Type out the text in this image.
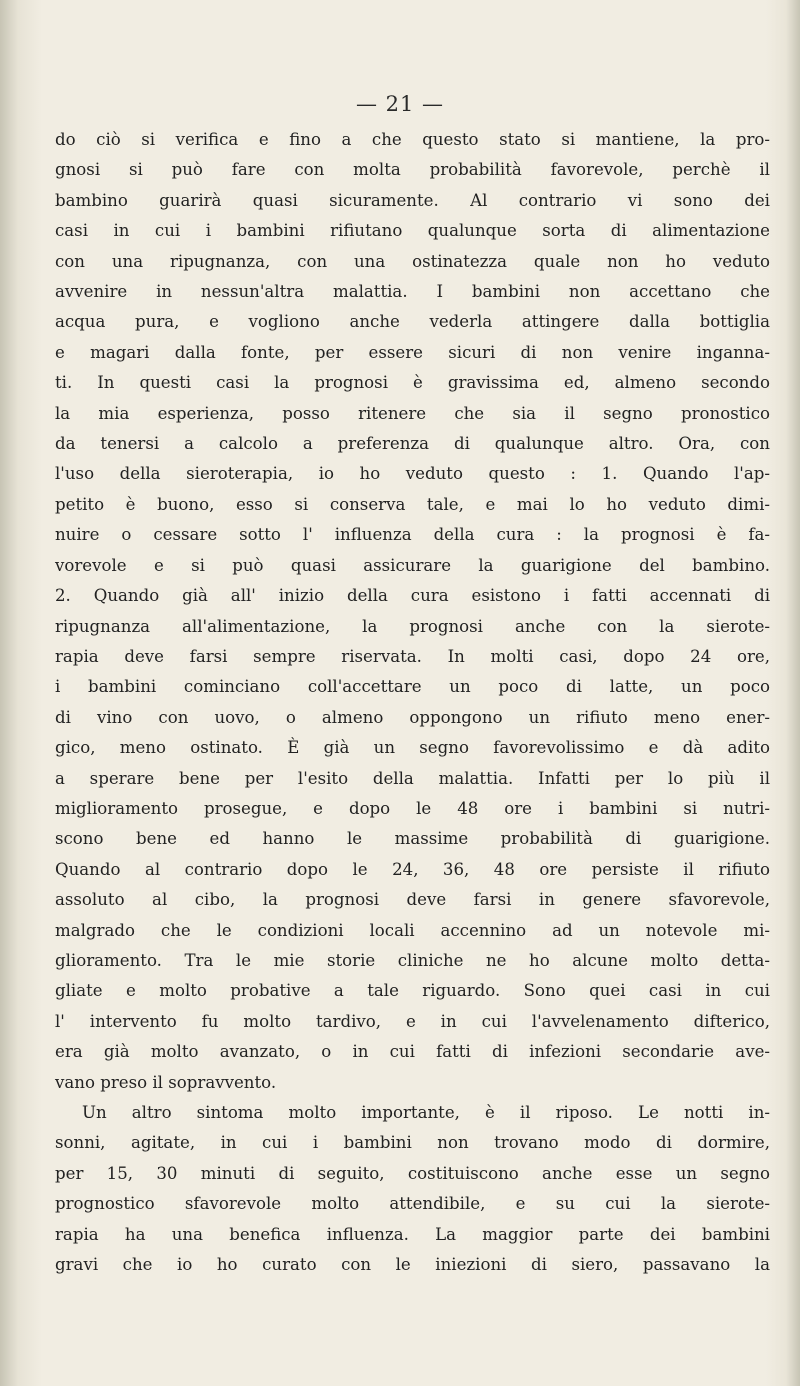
— 21 —
do ciò si verifica e fino a che questo stato si mantiene, la pro-
gnosi si può fare con molta probabilità favorevole, perchè il
bambino guarirà quasi sicuramente. Al contrario vi sono dei
casi in cui i bambini rifiutano qualunque sorta di alimentazione
con una ripugnanza, con una ostinatezza quale non ho veduto
avvenire in nessun'altra malattia. I bambini non accettano che
acqua pura, e vogliono anche vederla attingere dalla bottiglia
e magari dalla fonte, per essere sicuri di non venire inganna-
ti. In questi casi la prognosi è gravissima ed, almeno secondo
la mia esperienza, posso ritenere che sia il segno pronostico
da tenersi a calcolo a preferenza di qualunque altro. Ora, con
l'uso della sieroterapia, io ho veduto questo : 1. Quando l'ap-
petito è buono, esso si conserva tale, e mai lo ho veduto dimi-
nuire o cessare sotto l' influenza della cura : la prognosi è fa-
vorevole e si può quasi assicurare la guarigione del bambino.
2. Quando già all' inizio della cura esistono i fatti accennati di
ripugnanza all'alimentazione, la prognosi anche con la sierote-
rapia deve farsi sempre riservata. In molti casi, dopo 24 ore,
i bambini cominciano coll'accettare un poco di latte, un poco
di vino con uovo, o almeno oppongono un rifiuto meno ener-
gico, meno ostinato. È già un segno favorevolissimo e dà adito
a sperare bene per l'esito della malattia. Infatti per lo più il
miglioramento prosegue, e dopo le 48 ore i bambini si nutri-
scono bene ed hanno le massime probabilità di guarigione.
Quando al contrario dopo le 24, 36, 48 ore persiste il rifiuto
assoluto al cibo, la prognosi deve farsi in genere sfavorevole,
malgrado che le condizioni locali accennino ad un notevole mi-
glioramento. Tra le mie storie cliniche ne ho alcune molto detta-
gliate e molto probative a tale riguardo. Sono quei casi in cui
l' intervento fu molto tardivo, e in cui l'avvelenamento difterico,
era già molto avanzato, o in cui fatti di infezioni secondarie ave-
vano preso il sopravvento.
Un altro sintoma molto importante, è il riposo. Le notti in-
sonni, agitate, in cui i bambini non trovano modo di dormire,
per 15, 30 minuti di seguito, costituiscono anche esse un segno
prognostico sfavorevole molto attendibile, e su cui la sierote-
rapia ha una benefica influenza. La maggior parte dei bambini
gravi che io ho curato con le iniezioni di siero, passavano la
